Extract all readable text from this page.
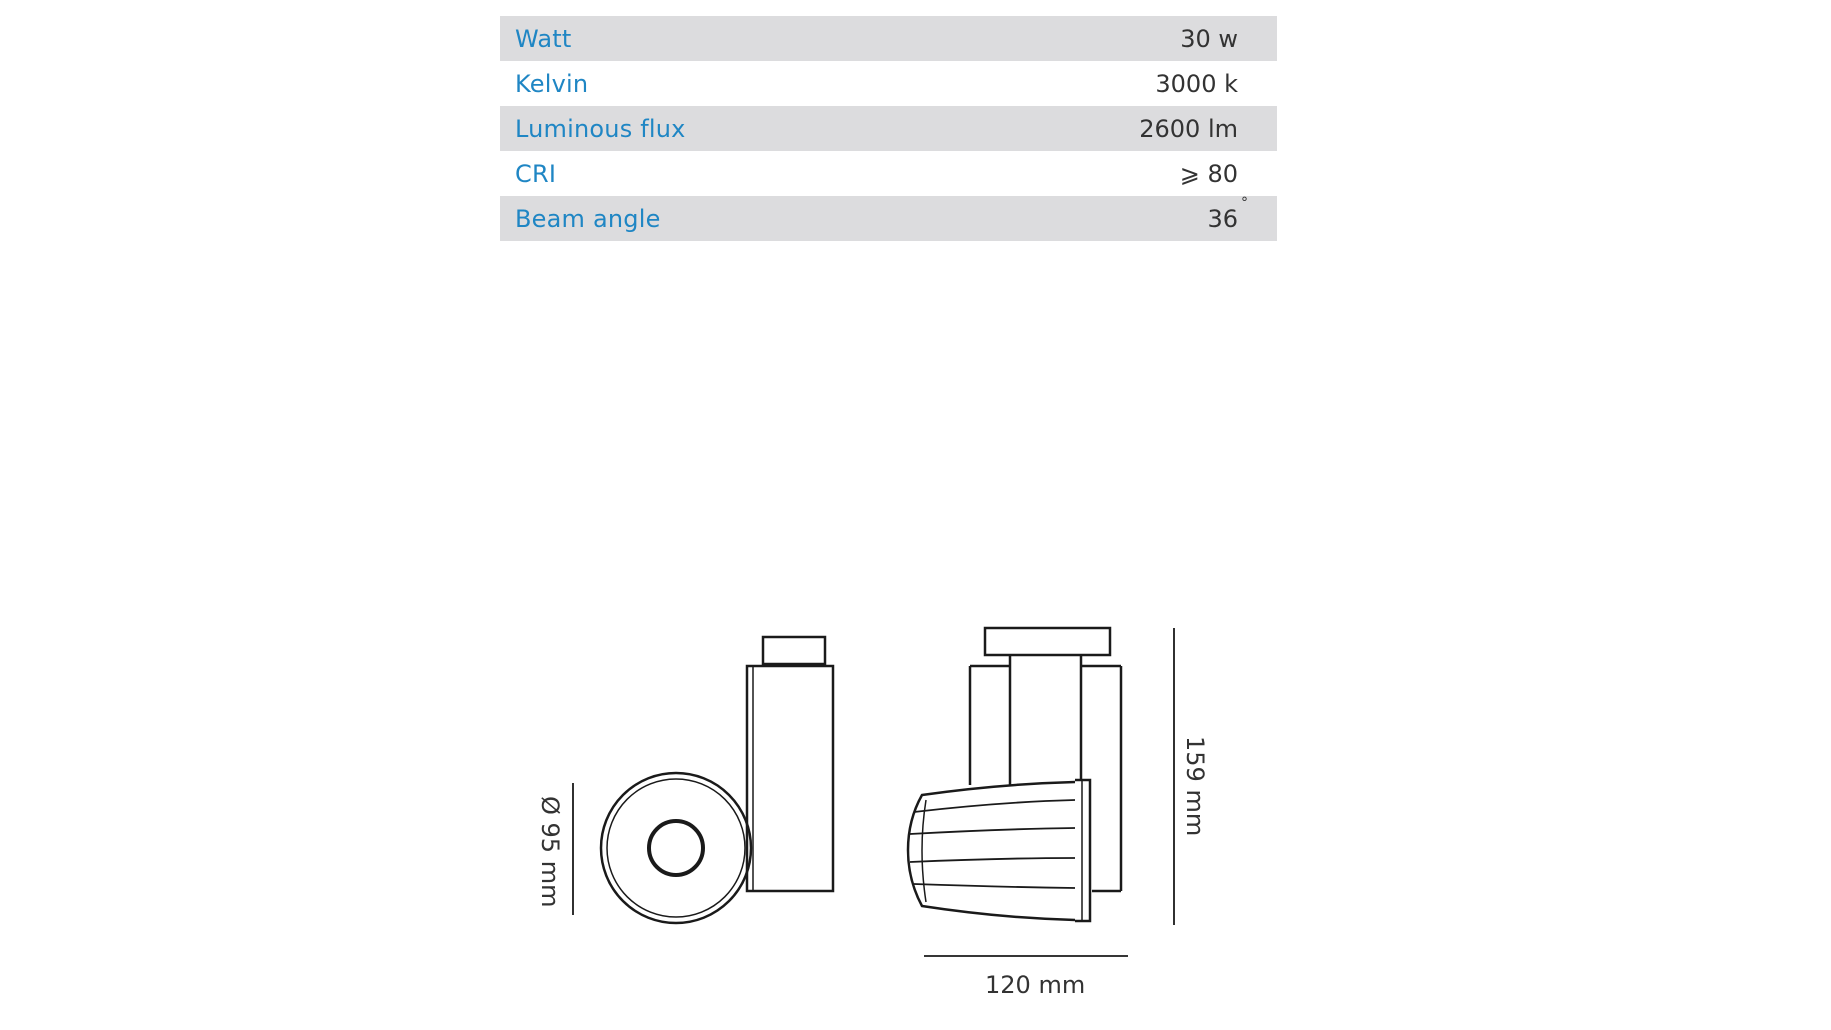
Watt	30 w
Kelvin	3000 k
Luminous flux	2600 lm
CRI	⩾ 80
Beam angle	36
°
Ø 95 mm
159 mm
120 mm
